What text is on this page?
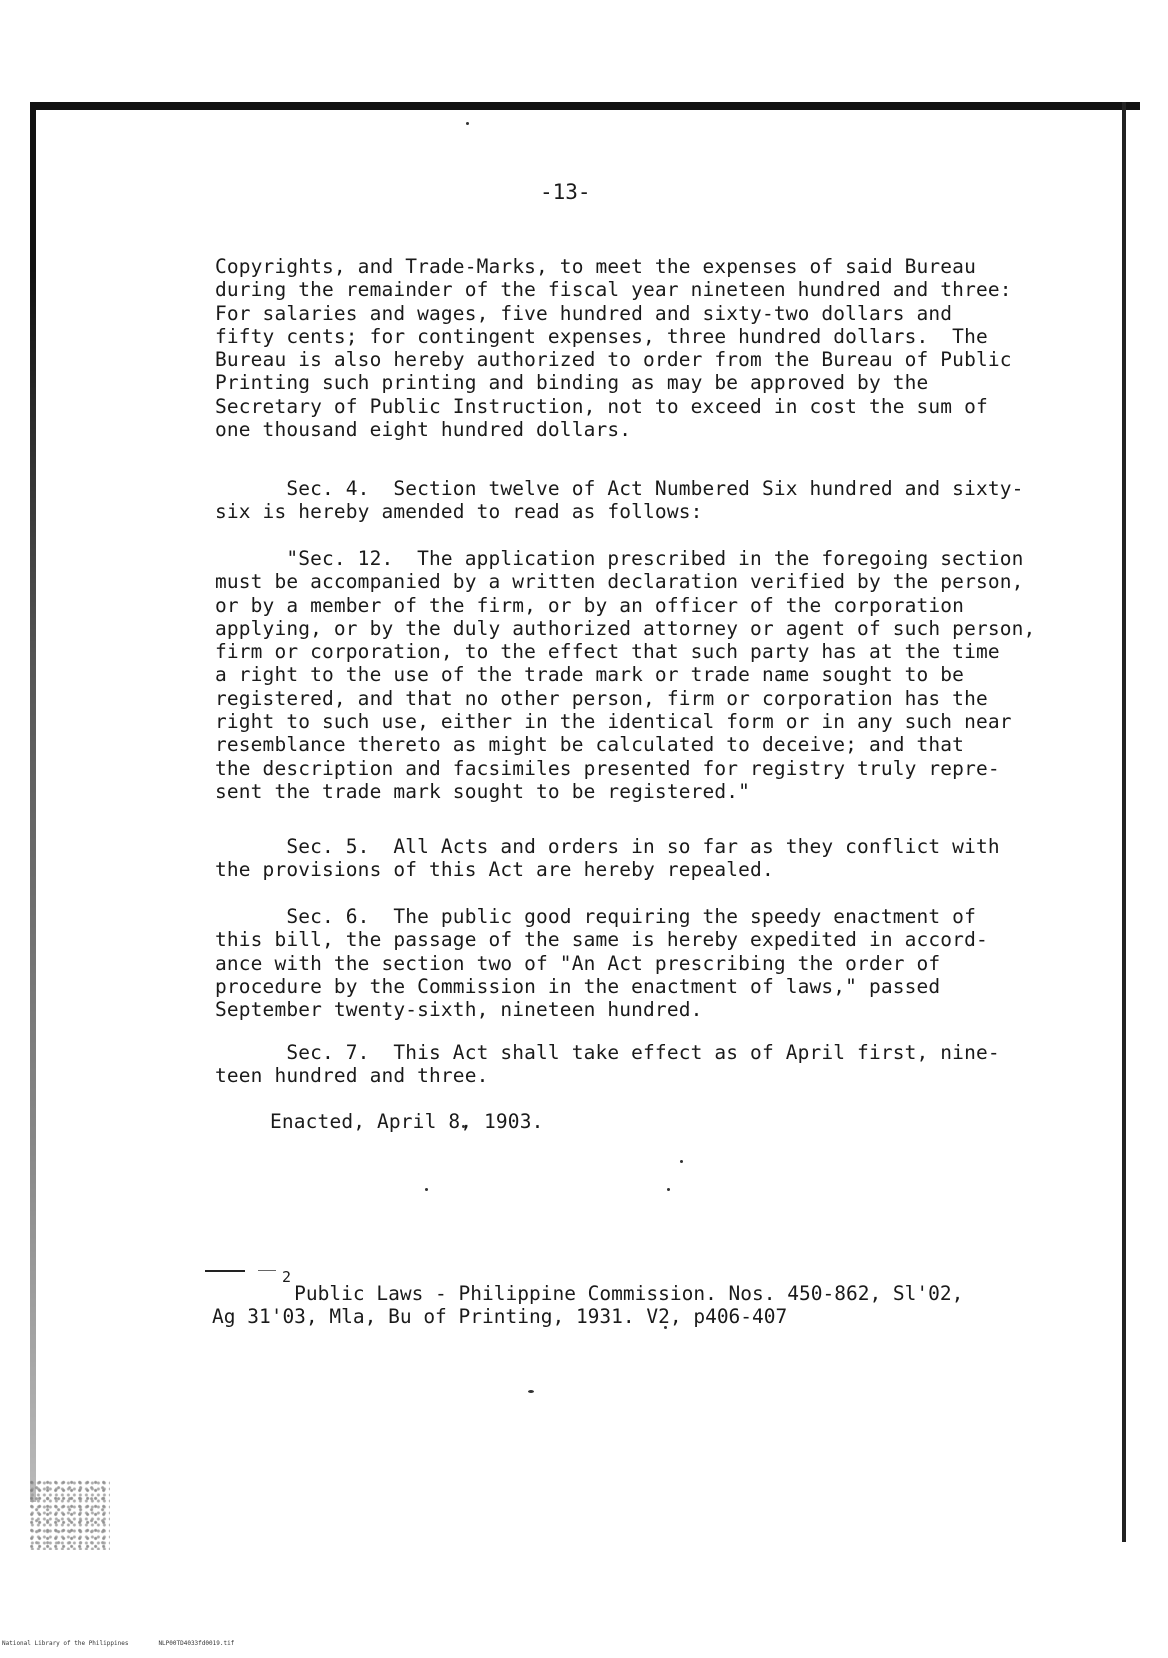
-13-
Copyrights, and Trade-Marks, to meet the expenses of said Bureau
during the remainder of the fiscal year nineteen hundred and three:
For salaries and wages, five hundred and sixty-two dollars and
fifty cents; for contingent expenses, three hundred dollars.  The
Bureau is also hereby authorized to order from the Bureau of Public
Printing such printing and binding as may be approved by the
Secretary of Public Instruction, not to exceed in cost the sum of
one thousand eight hundred dollars.
Sec. 4.  Section twelve of Act Numbered Six hundred and sixty-
six is hereby amended to read as follows:
"Sec. 12.  The application prescribed in the foregoing section
must be accompanied by a written declaration verified by the person,
or by a member of the firm, or by an officer of the corporation
applying, or by the duly authorized attorney or agent of such person,
firm or corporation, to the effect that such party has at the time
a right to the use of the trade mark or trade name sought to be
registered, and that no other person, firm or corporation has the
right to such use, either in the identical form or in any such near
resemblance thereto as might be calculated to deceive; and that
the description and facsimiles presented for registry truly repre-
sent the trade mark sought to be registered."
Sec. 5.  All Acts and orders in so far as they conflict with
the provisions of this Act are hereby repealed.
Sec. 6.  The public good requiring the speedy enactment of
this bill, the passage of the same is hereby expedited in accord-
ance with the section two of "An Act prescribing the order of
procedure by the Commission in the enactment of laws," passed
September twenty-sixth, nineteen hundred.
Sec. 7.  This Act shall take effect as of April first, nine-
teen hundred and three.
Enacted, April 8, 1903.
2
Public Laws - Philippine Commission. Nos. 450-862, Sl'02,
Ag 31'03, Mla, Bu of Printing, 1931. V2, p406-407
National Library of the Philippines	NLP00TD4033fd0019.tif
